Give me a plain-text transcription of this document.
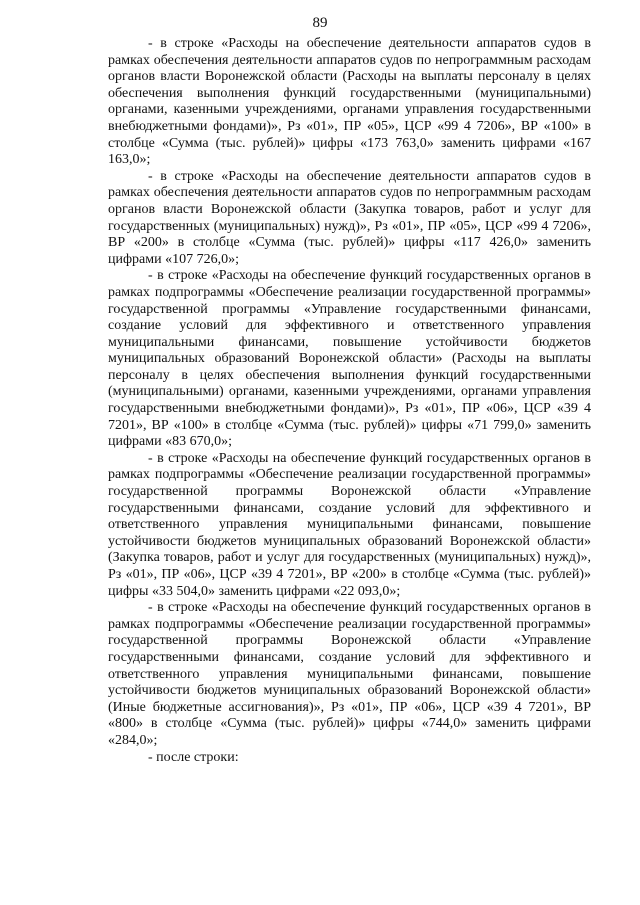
89

- в строке «Расходы на обеспечение деятельности аппаратов судов в рамках обеспечения деятельности аппаратов судов по непрограммным расходам органов власти Воронежской области (Расходы на выплаты персоналу в целях обеспечения выполнения функций государственными (муниципальными) органами, казенными учреждениями, органами управления государственными внебюджетными фондами)», Рз «01», ПР «05», ЦСР «99 4 7206», ВР «100» в столбце «Сумма (тыс. рублей)» цифры «173 763,0» заменить цифрами «167 163,0»;

- в строке «Расходы на обеспечение деятельности аппаратов судов в рамках обеспечения деятельности аппаратов судов по непрограммным расходам органов власти Воронежской области (Закупка товаров, работ и услуг для государственных (муниципальных) нужд)», Рз «01», ПР «05», ЦСР «99 4 7206», ВР «200» в столбце «Сумма (тыс. рублей)» цифры «117 426,0» заменить цифрами «107 726,0»;

- в строке «Расходы на обеспечение функций государственных органов в рамках подпрограммы «Обеспечение реализации государственной программы» государственной программы «Управление государственными финансами, создание условий для эффективного и ответственного управления муниципальными финансами, повышение устойчивости бюджетов муниципальных образований Воронежской области» (Расходы на выплаты персоналу в целях обеспечения выполнения функций государственными (муниципальными) органами, казенными учреждениями, органами управления государственными внебюджетными фондами)», Рз «01», ПР «06», ЦСР «39 4 7201», ВР «100» в столбце «Сумма (тыс. рублей)» цифры «71 799,0» заменить цифрами «83 670,0»;

- в строке «Расходы на обеспечение функций государственных органов в рамках подпрограммы «Обеспечение реализации государственной программы» государственной программы Воронежской области «Управление государственными финансами, создание условий для эффективного и ответственного управления муниципальными финансами, повышение устойчивости бюджетов муниципальных образований Воронежской области» (Закупка товаров, работ и услуг для государственных (муниципальных) нужд)», Рз «01», ПР «06», ЦСР «39 4 7201», ВР «200» в столбце «Сумма (тыс. рублей)» цифры «33 504,0» заменить цифрами «22 093,0»;

- в строке «Расходы на обеспечение функций государственных органов в рамках подпрограммы «Обеспечение реализации государственной программы» государственной программы Воронежской области «Управление государственными финансами, создание условий для эффективного и ответственного управления муниципальными финансами, повышение устойчивости бюджетов муниципальных образований Воронежской области» (Иные бюджетные ассигнования)», Рз «01», ПР «06», ЦСР «39 4 7201», ВР «800» в столбце «Сумма (тыс. рублей)» цифры «744,0» заменить цифрами «284,0»;

- после строки:
